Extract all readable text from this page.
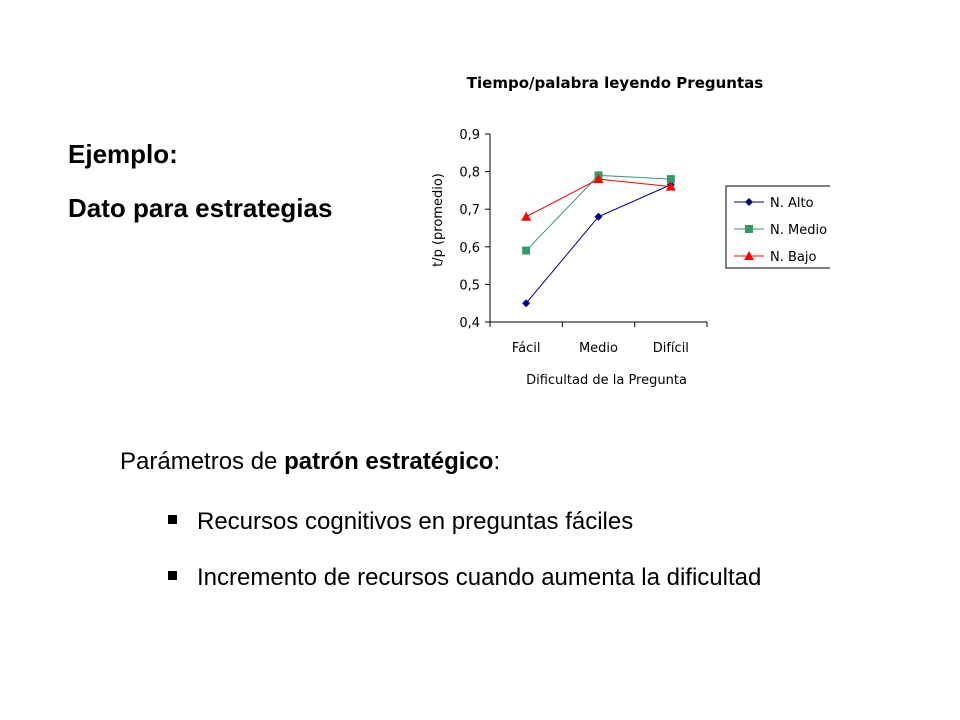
Ejemplo:
Dato para estrategias
Tiempo/palabra leyendo Preguntas
0,4
0,5
0,6
0,7
0,8
0,9
Fácil	Medio	Difícil
Dificultad de la Pregunta
t/p (promedio)	N. Alto
N. Medio
N. Bajo
Parámetros de patrón estratégico:
Recursos cognitivos en preguntas fáciles
Incremento de recursos cuando aumenta la dificultad
